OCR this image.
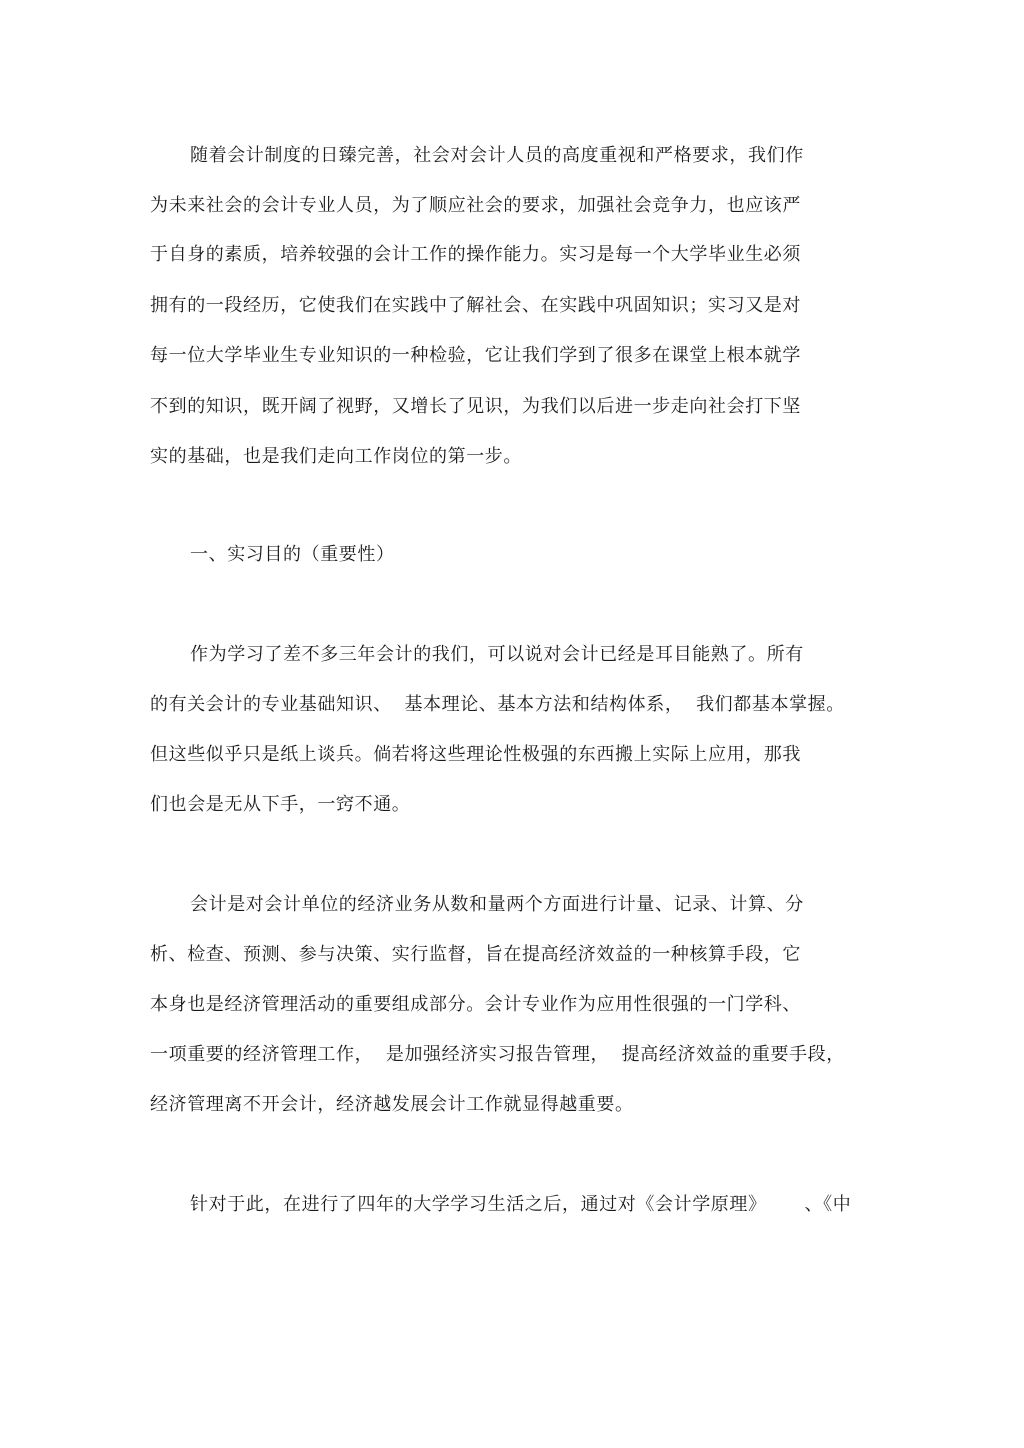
随着会计制度的日臻完善，社会对会计人员的高度重视和严格要求，我们作
为未来社会的会计专业人员，为了顺应社会的要求，加强社会竞争力，也应该严
于自身的素质，培养较强的会计工作的操作能力。实习是每一个大学毕业生必须
拥有的一段经历，它使我们在实践中了解社会、在实践中巩固知识；实习又是对
每一位大学毕业生专业知识的一种检验，它让我们学到了很多在课堂上根本就学
不到的知识，既开阔了视野，又增长了见识，为我们以后进一步走向社会打下坚
实的基础，也是我们走向工作岗位的第一步。
一、实习目的（重要性）
作为学习了差不多三年会计的我们，可以说对会计已经是耳目能熟了。所有
的有关会计的专业基础知识、  基本理论、基本方法和结构体系，  我们都基本掌握。
但这些似乎只是纸上谈兵。倘若将这些理论性极强的东西搬上实际上应用，那我
们也会是无从下手，一窍不通。
会计是对会计单位的经济业务从数和量两个方面进行计量、记录、计算、分
析、检查、预测、参与决策、实行监督，旨在提高经济效益的一种核算手段，它
本身也是经济管理活动的重要组成部分。会计专业作为应用性很强的一门学科、
一项重要的经济管理工作，  是加强经济实习报告管理，  提高经济效益的重要手段，
经济管理离不开会计，经济越发展会计工作就显得越重要。
针对于此，在进行了四年的大学学习生活之后，通过对《会计学原理》      、《中
